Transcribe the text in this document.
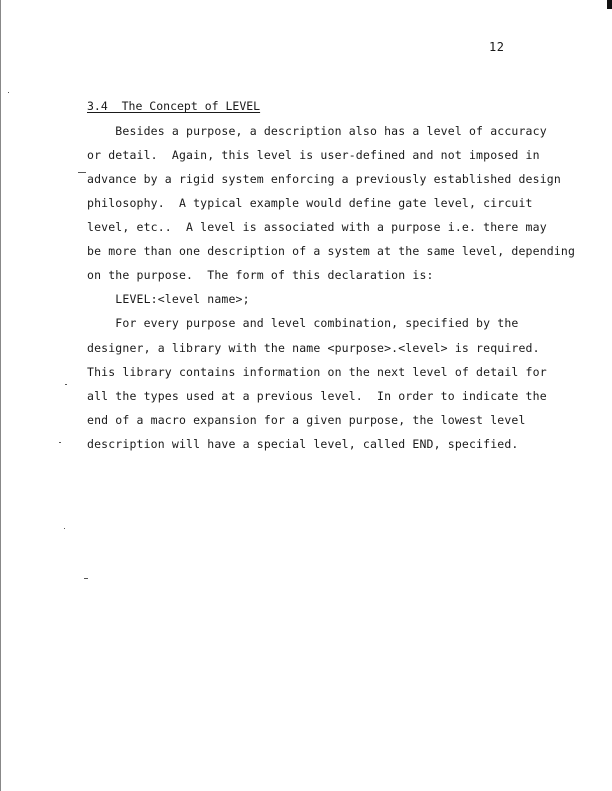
12
3.4  The Concept of LEVEL
Besides a purpose, a description also has a level of accuracy
or detail.  Again, this level is user-defined and not imposed in
advance by a rigid system enforcing a previously established design
philosophy.  A typical example would define gate level, circuit
level, etc..  A level is associated with a purpose i.e. there may
be more than one description of a system at the same level, depending
on the purpose.  The form of this declaration is:
LEVEL:<level name>;
For every purpose and level combination, specified by the
designer, a library with the name <purpose>.<level> is required.
This library contains information on the next level of detail for
all the types used at a previous level.  In order to indicate the
end of a macro expansion for a given purpose, the lowest level
description will have a special level, called END, specified.
